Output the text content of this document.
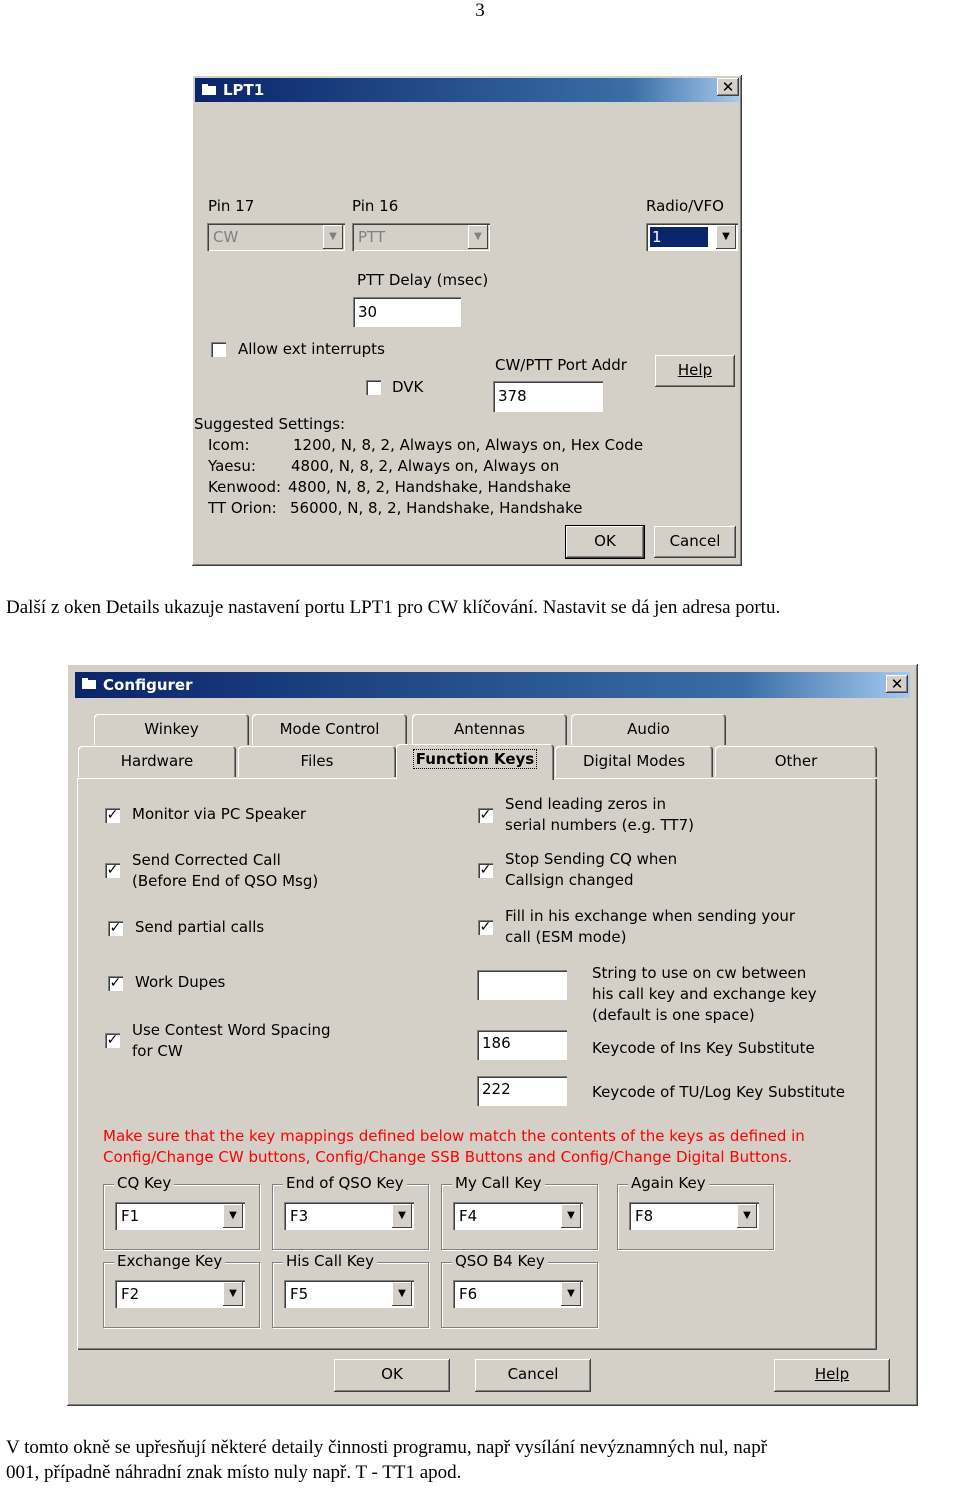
3
LPT1	✕
Pin 17
CW	▼
Pin 16
PTT	▼
Radio/VFO
1	▼
PTT Delay (msec)
30
Allow ext interrupts
CW/PTT Port Addr	Help
DVK	378
Suggested Settings:
Icom:	1200, N, 8, 2, Always on, Always on, Hex Code
Yaesu: 4800, N, 8, 2, Always on, Always on
Kenwood: 4800, N, 8, 2, Handshake, Handshake
TT Orion: 56000, N, 8, 2, Handshake, Handshake
OK	Cancel
Další z oken Details ukazuje nastavení portu LPT1 pro CW klíčování. Nastavit se dá jen adresa portu.
Configurer	✕
Winkey	Mode Control	Antennas	Audio
Hardware	Files	Function Keys	Digital Modes	Other
✓ Monitor via PC Speaker
✓
Send Corrected Call
(Before End of QSO Msg)
✓ Send partial calls
✓ Work Dupes
✓
Use Contest Word Spacing
for CW
✓
Send leading zeros in
serial numbers (e.g. TT7)
✓
Stop Sending CQ when
Callsign changed
✓
Fill in his exchange when sending your
call (ESM mode)
String to use on cw between
his call key and exchange key
(default is one space)
186	Keycode of Ins Key Substitute
222	Keycode of TU/Log Key Substitute
Make sure that the key mappings defined below match the contents of the keys as defined in
Config/Change CW buttons, Config/Change SSB Buttons and Config/Change Digital Buttons.
CQ Key
F1	▼
End of QSO Key
F3	▼
My Call Key
F4	▼
Again Key
F8	▼
Exchange Key
F2	▼
His Call Key
F5	▼
QSO B4 Key
F6	▼
OK	Cancel	Help
V tomto okně se upřesňují některé detaily činnosti programu, např vysílání nevýznamných nul, např
001, případně náhradní znak místo nuly např. T - TT1 apod.
